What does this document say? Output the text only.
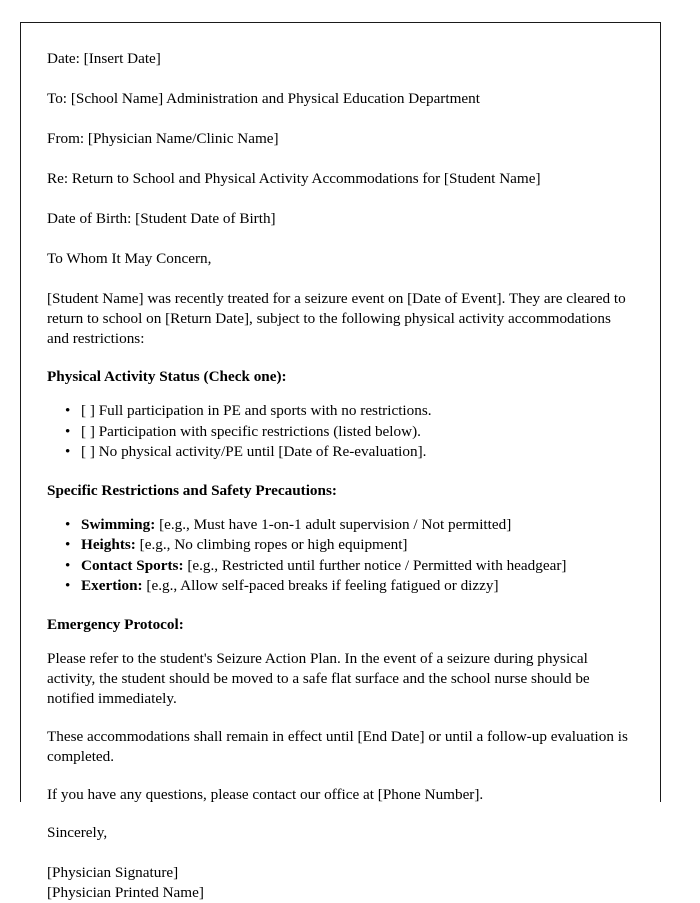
Date: [Insert Date]

To: [School Name] Administration and Physical Education Department

From: [Physician Name/Clinic Name]

Re: Return to School and Physical Activity Accommodations for [Student Name]

Date of Birth: [Student Date of Birth]

To Whom It May Concern,

[Student Name] was recently treated for a seizure event on [Date of Event]. They are cleared to return to school on [Return Date], subject to the following physical activity accommodations and restrictions:

Physical Activity Status (Check one):

• [ ] Full participation in PE and sports with no restrictions.
• [ ] Participation with specific restrictions (listed below).
• [ ] No physical activity/PE until [Date of Re-evaluation].

Specific Restrictions and Safety Precautions:

• Swimming: [e.g., Must have 1-on-1 adult supervision / Not permitted]
• Heights: [e.g., No climbing ropes or high equipment]
• Contact Sports: [e.g., Restricted until further notice / Permitted with headgear]
• Exertion: [e.g., Allow self-paced breaks if feeling fatigued or dizzy]

Emergency Protocol:

Please refer to the student's Seizure Action Plan. In the event of a seizure during physical activity, the student should be moved to a safe flat surface and the school nurse should be notified immediately.

These accommodations shall remain in effect until [End Date] or until a follow-up evaluation is completed.

If you have any questions, please contact our office at [Phone Number].

Sincerely,

[Physician Signature]

[Physician Printed Name]
